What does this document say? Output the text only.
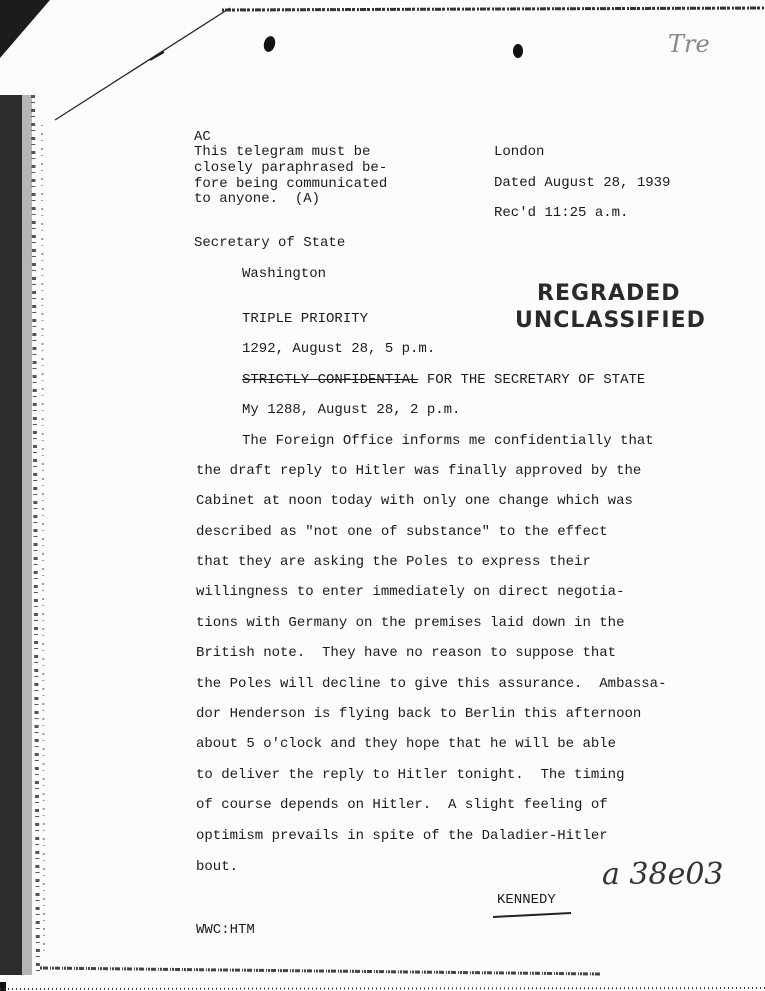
Tre
a 38e03
AC
This telegram must be
closely paraphrased be-
fore being communicated
to anyone.  (A)
London
Dated August 28, 1939
Rec'd 11:25 a.m.
Secretary of State
Washington
REGRADED
UNCLASSIFIED
TRIPLE PRIORITY
1292, August 28, 5 p.m.
STRICTLY CONFIDENTIAL FOR THE SECRETARY OF STATE
My 1288, August 28, 2 p.m.
The Foreign Office informs me confidentially that
the draft reply to Hitler was finally approved by the
Cabinet at noon today with only one change which was
described as "not one of substance" to the effect
that they are asking the Poles to express their
willingness to enter immediately on direct negotia-
tions with Germany on the premises laid down in the
British note.  They have no reason to suppose that
the Poles will decline to give this assurance.  Ambassa-
dor Henderson is flying back to Berlin this afternoon
about 5 o'clock and they hope that he will be able
to deliver the reply to Hitler tonight.  The timing
of course depends on Hitler.  A slight feeling of
optimism prevails in spite of the Daladier-Hitler
bout.
KENNEDY
WWC:HTM
